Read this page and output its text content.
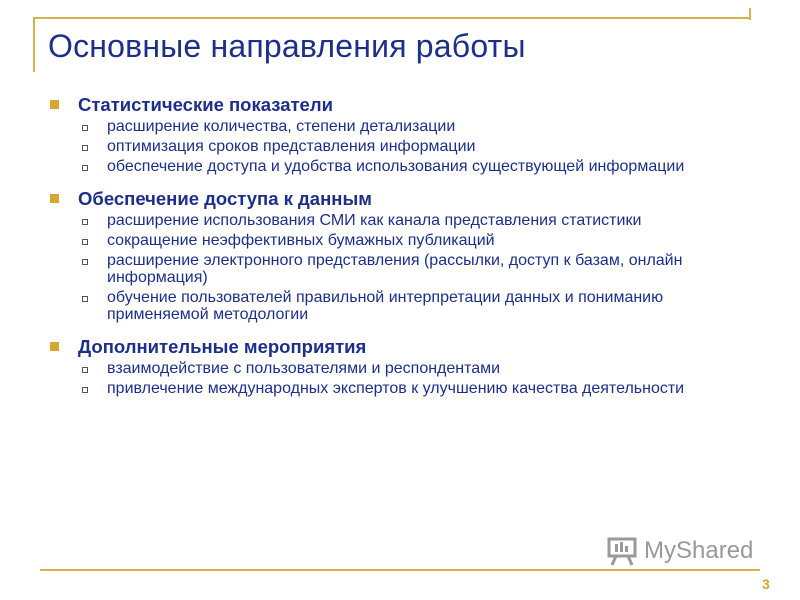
Основные направления работы
Статистические показатели
расширение количества, степени детализации
оптимизация сроков представления информации
обеспечение доступа и удобства использования существующей информации
Обеспечение доступа к данным
расширение использования СМИ как канала представления статистики
сокращение неэффективных бумажных публикаций
расширение электронного представления (рассылки, доступ к базам, онлайн информация)
обучение пользователей правильной интерпретации данных и пониманию применяемой методологии
Дополнительные мероприятия
взаимодействие с пользователями и респондентами
привлечение международных экспертов к улучшению качества деятельности
MyShared
3
